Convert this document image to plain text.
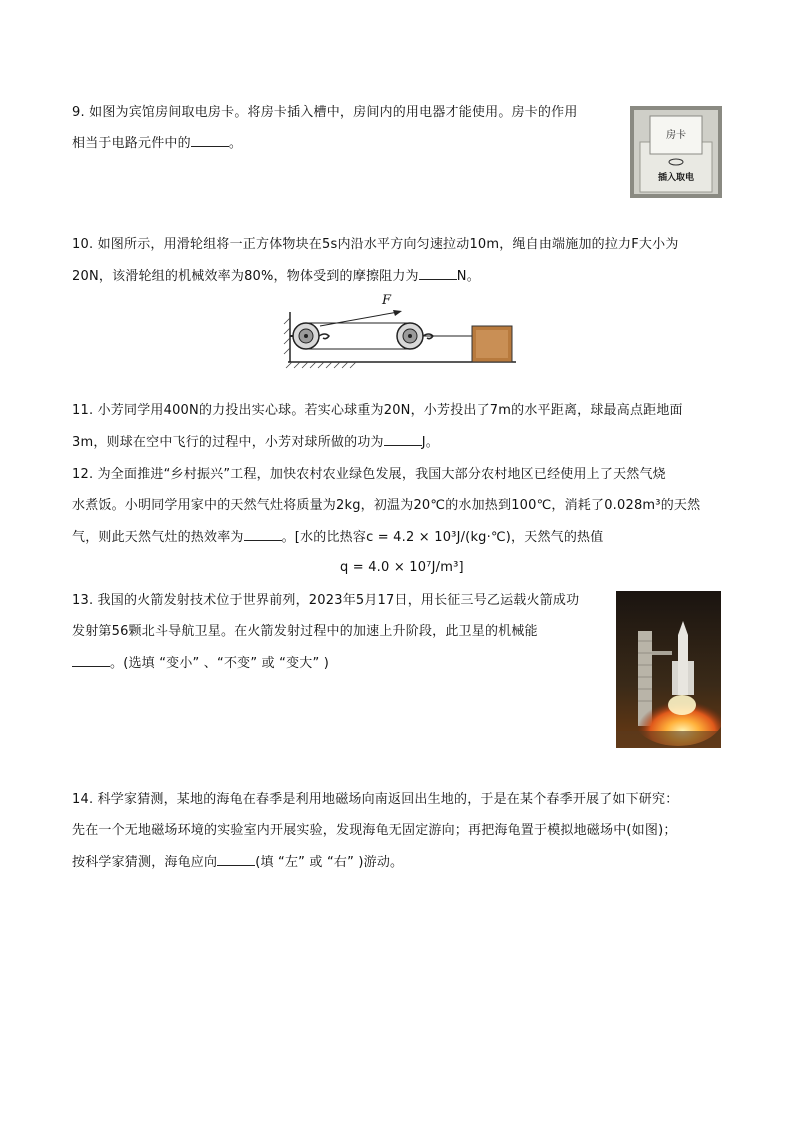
9. 如图为宾馆房间取电房卡。将房卡插入槽中，房间内的用电器才能使用。房卡的作用
相当于电路元件中的	。
房卡
插入取电
10. 如图所示，用滑轮组将一正方体物块在5s内沿水平方向匀速拉动10m，绳自由端施加的拉力F大小为
20N，该滑轮组的机械效率为80%，物体受到的摩擦阻力为	N。
F
11. 小芳同学用400N的力投出实心球。若实心球重为20N，小芳投出了7m的水平距离，球最高点距地面
3m，则球在空中飞行的过程中，小芳对球所做的功为	J。
12. 为全面推进“乡村振兴”工程，加快农村农业绿色发展，我国大部分农村地区已经使用上了天然气烧
水煮饭。小明同学用家中的天然气灶将质量为2kg，初温为20℃的水加热到100℃，消耗了0.028m³的天然
气，则此天然气灶的热效率为	。[水的比热容c = 4.2 × 10³J/(kg·℃)，天然气的热值
q = 4.0 × 10⁷J/m³]
13. 我国的火箭发射技术位于世界前列，2023年5月17日，用长征三号乙运载火箭成功
发射第56颗北斗导航卫星。在火箭发射过程中的加速上升阶段，此卫星的机械能
。(选填 “变小” 、“不变” 或 “变大” )
14. 科学家猜测，某地的海龟在春季是利用地磁场向南返回出生地的，于是在某个春季开展了如下研究：
先在一个无地磁场环境的实验室内开展实验，发现海龟无固定游向；再把海龟置于模拟地磁场中(如图)；
按科学家猜测，海龟应向	(填 “左” 或 “右” )游动。
